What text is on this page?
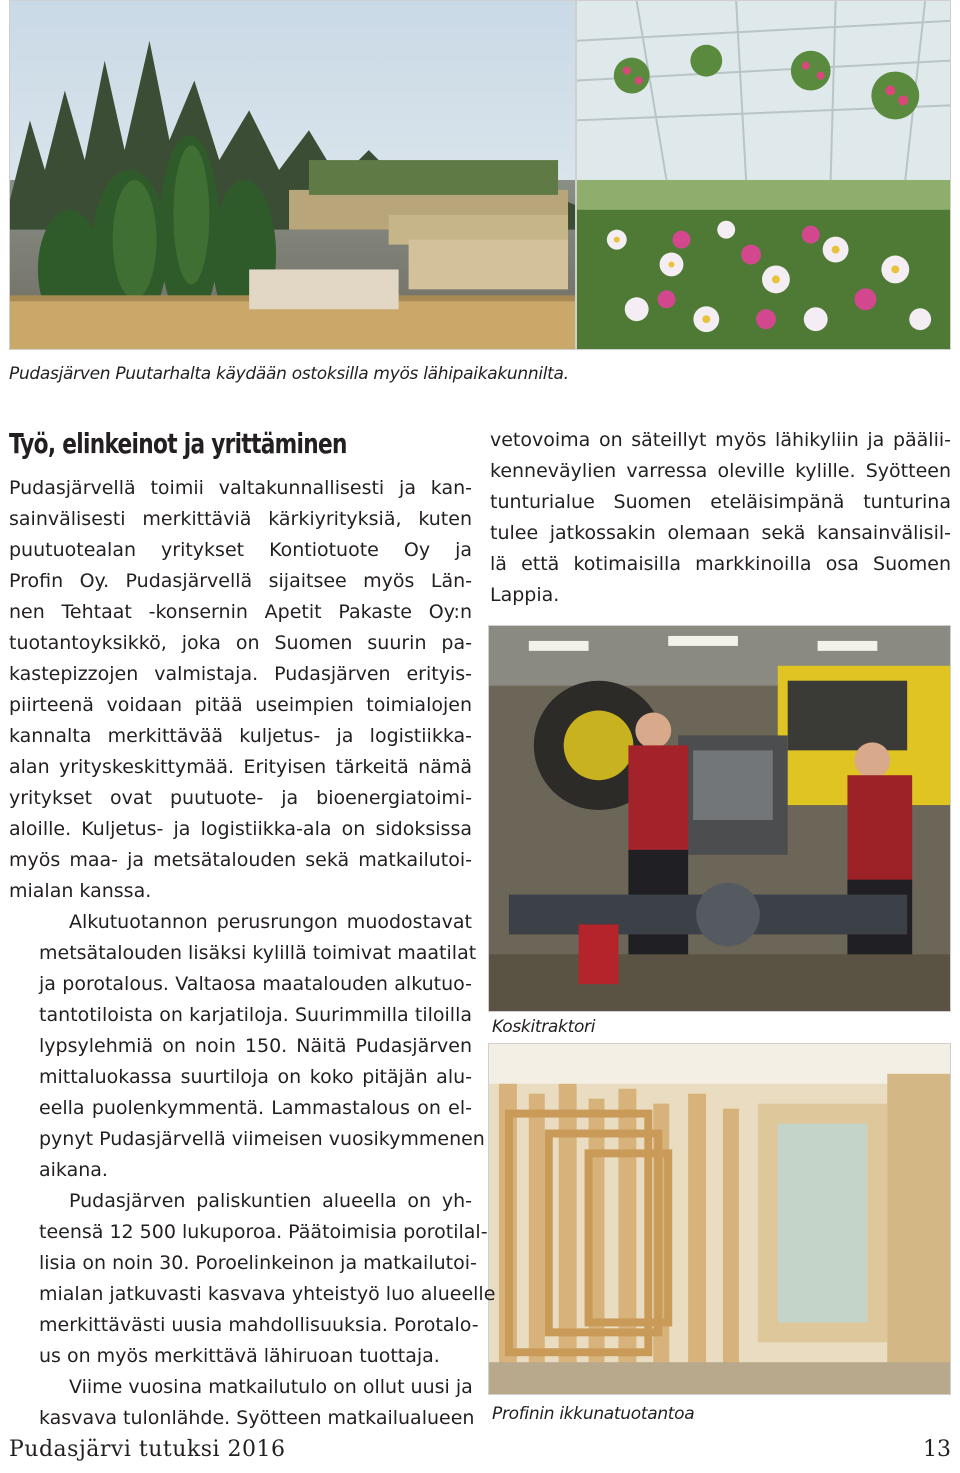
Pudasjärven Puutarhalta käydään ostoksilla myös lähipaikakunnilta.
Koskitraktori
Profinin ikkunatuotantoa
Työ, elinkeinot ja yrittäminen

Pudasjärvellä toimii valtakunnallisesti ja kan-
sainvälisesti merkittäviä kärkiyrityksiä, kuten
puutuotealan yritykset Kontiotuote Oy ja
Profin Oy. Pudasjärvellä sijaitsee myös Län-
nen Tehtaat -konsernin Apetit Pakaste Oy:n
tuotantoyksikkö, joka on Suomen suurin pa-
kastepizzojen valmistaja. Pudasjärven erityis-
piirteenä voidaan pitää useimpien toimialojen
kannalta merkittävää kuljetus- ja logistiikka-
alan yrityskeskittymää. Erityisen tärkeitä nämä
yritykset ovat puutuote- ja bioenergiatoimi-
aloille. Kuljetus- ja logistiikka-ala on sidoksissa
myös maa- ja metsätalouden sekä matkailutoi-
mialan kanssa.

Alkutuotannon perusrungon muodostavat
metsätalouden lisäksi kylillä toimivat maatilat
ja porotalous. Valtaosa maatalouden alkutuo-
tantotiloista on karjatiloja. Suurimmilla tiloilla
lypsylehmiä on noin 150. Näitä Pudasjärven
mittaluokassa suurtiloja on koko pitäjän alu-
eella puolenkymmentä. Lammastalous on el-
pynyt Pudasjärvellä viimeisen vuosikymmenen
aikana.

Pudasjärven paliskuntien alueella on yh-
teensä 12 500 lukuporoa. Päätoimisia porotilal-
lisia on noin 30. Poroelinkeinon ja matkailutoi-
mialan jatkuvasti kasvava yhteistyö luo alueelle
merkittävästi uusia mahdollisuuksia. Porotalo-
us on myös merkittävä lähiruoan tuottaja.

Viime vuosina matkailutulo on ollut uusi ja
kasvava tulonlähde. Syötteen matkailualueen

vetovoima on säteillyt myös lähikyliin ja päälii-
kenneväylien varressa oleville kylille. Syötteen
tunturialue Suomen eteläisimpänä tunturina
tulee jatkossakin olemaan sekä kansainvälisil-
lä että kotimaisilla markkinoilla osa Suomen
Lappia.

Pudasjärvi tutuksi 2016	13
